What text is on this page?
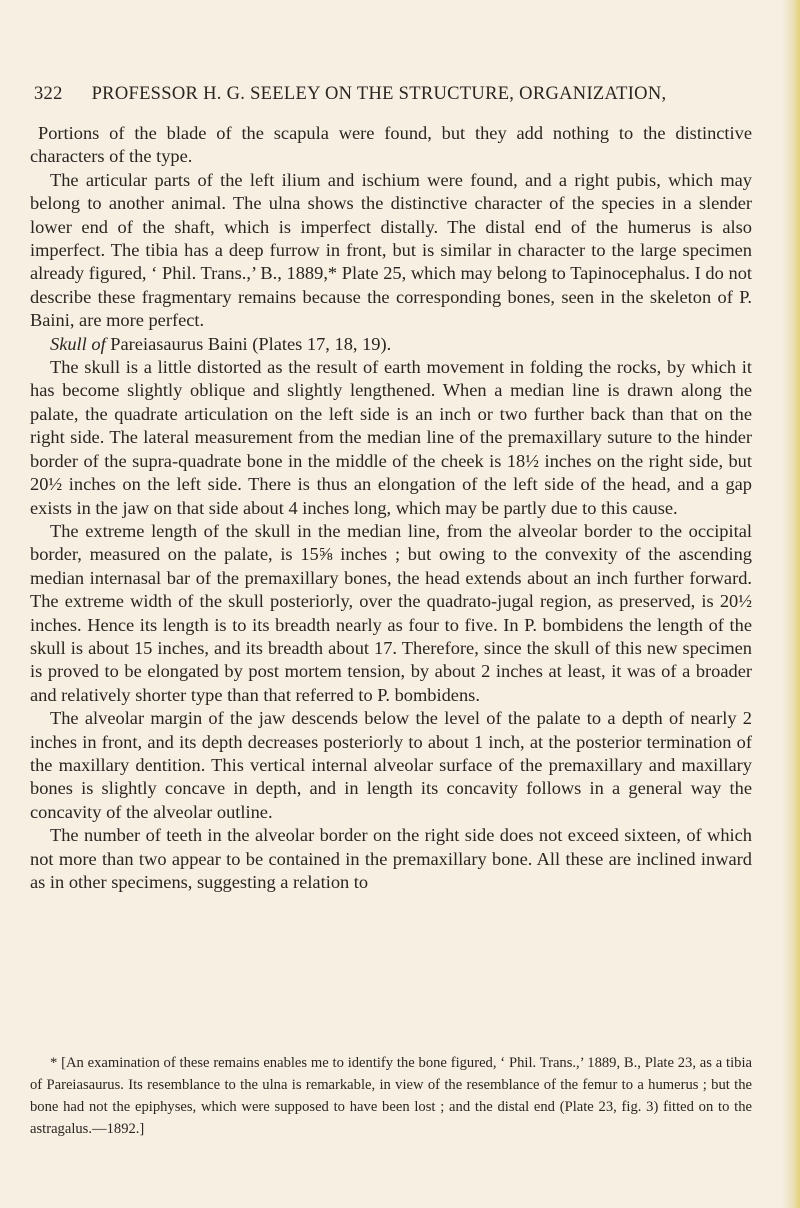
322 PROFESSOR H. G. SEELEY ON THE STRUCTURE, ORGANIZATION,

Portions of the blade of the scapula were found, but they add nothing to the distinctive characters of the type.

The articular parts of the left ilium and ischium were found, and a right pubis, which may belong to another animal. The ulna shows the distinctive character of the species in a slender lower end of the shaft, which is imperfect distally. The distal end of the humerus is also imperfect. The tibia has a deep furrow in front, but is similar in character to the large specimen already figured, ‘ Phil. Trans.,’ B., 1889,* Plate 25, which may belong to Tapinocephalus. I do not describe these fragmentary remains because the corresponding bones, seen in the skeleton of P. Baini, are more perfect.

Skull of Pareiasaurus Baini (Plates 17, 18, 19).

The skull is a little distorted as the result of earth movement in folding the rocks, by which it has become slightly oblique and slightly lengthened. When a median line is drawn along the palate, the quadrate articulation on the left side is an inch or two further back than that on the right side. The lateral measurement from the median line of the premaxillary suture to the hinder border of the supra-quadrate bone in the middle of the cheek is 18½ inches on the right side, but 20½ inches on the left side. There is thus an elongation of the left side of the head, and a gap exists in the jaw on that side about 4 inches long, which may be partly due to this cause.

The extreme length of the skull in the median line, from the alveolar border to the occipital border, measured on the palate, is 15⅝ inches ; but owing to the convexity of the ascending median internasal bar of the premaxillary bones, the head extends about an inch further forward. The extreme width of the skull posteriorly, over the quadrato-jugal region, as preserved, is 20½ inches. Hence its length is to its breadth nearly as four to five. In P. bombidens the length of the skull is about 15 inches, and its breadth about 17. Therefore, since the skull of this new specimen is proved to be elongated by post mortem tension, by about 2 inches at least, it was of a broader and relatively shorter type than that referred to P. bombidens.

The alveolar margin of the jaw descends below the level of the palate to a depth of nearly 2 inches in front, and its depth decreases posteriorly to about 1 inch, at the posterior termination of the maxillary dentition. This vertical internal alveolar surface of the premaxillary and maxillary bones is slightly concave in depth, and in length its concavity follows in a general way the concavity of the alveolar outline.

The number of teeth in the alveolar border on the right side does not exceed sixteen, of which not more than two appear to be contained in the premaxillary bone. All these are inclined inward as in other specimens, suggesting a relation to

* [An examination of these remains enables me to identify the bone figured, ‘ Phil. Trans.,’ 1889, B., Plate 23, as a tibia of Pareiasaurus. Its resemblance to the ulna is remarkable, in view of the resemblance of the femur to a humerus ; but the bone had not the epiphyses, which were supposed to have been lost ; and the distal end (Plate 23, fig. 3) fitted on to the astragalus.—1892.]
